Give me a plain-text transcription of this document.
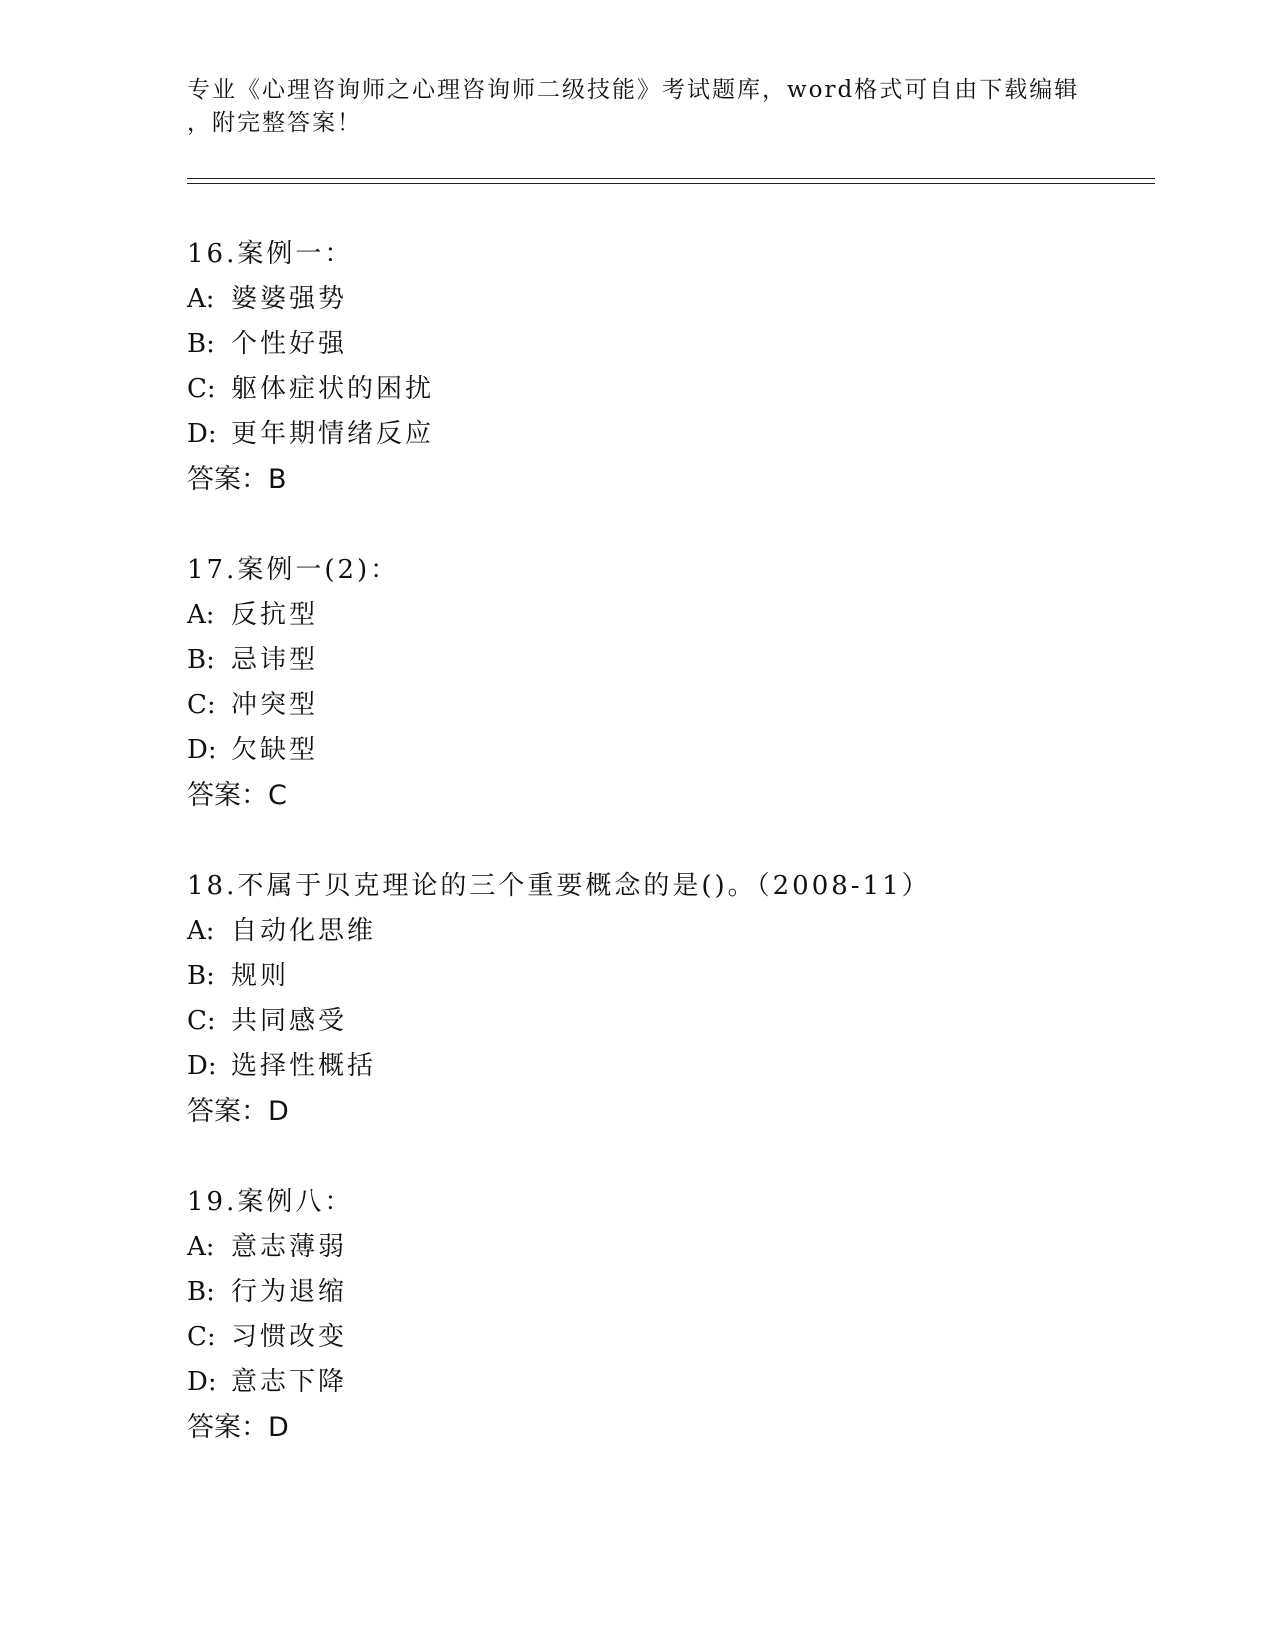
专业《心理咨询师之心理咨询师二级技能》考试题库，word格式可自由下载编辑
，附完整答案！
16.案例一：
A: 婆婆强势
B: 个性好强
C: 躯体症状的困扰
D: 更年期情绪反应
答案：B
17.案例一(2)：
A: 反抗型
B: 忌讳型
C: 冲突型
D: 欠缺型
答案：C
18.不属于贝克理论的三个重要概念的是()。（2008-11）
A: 自动化思维
B: 规则
C: 共同感受
D: 选择性概括
答案：D
19.案例八：
A: 意志薄弱
B: 行为退缩
C: 习惯改变
D: 意志下降
答案：D
